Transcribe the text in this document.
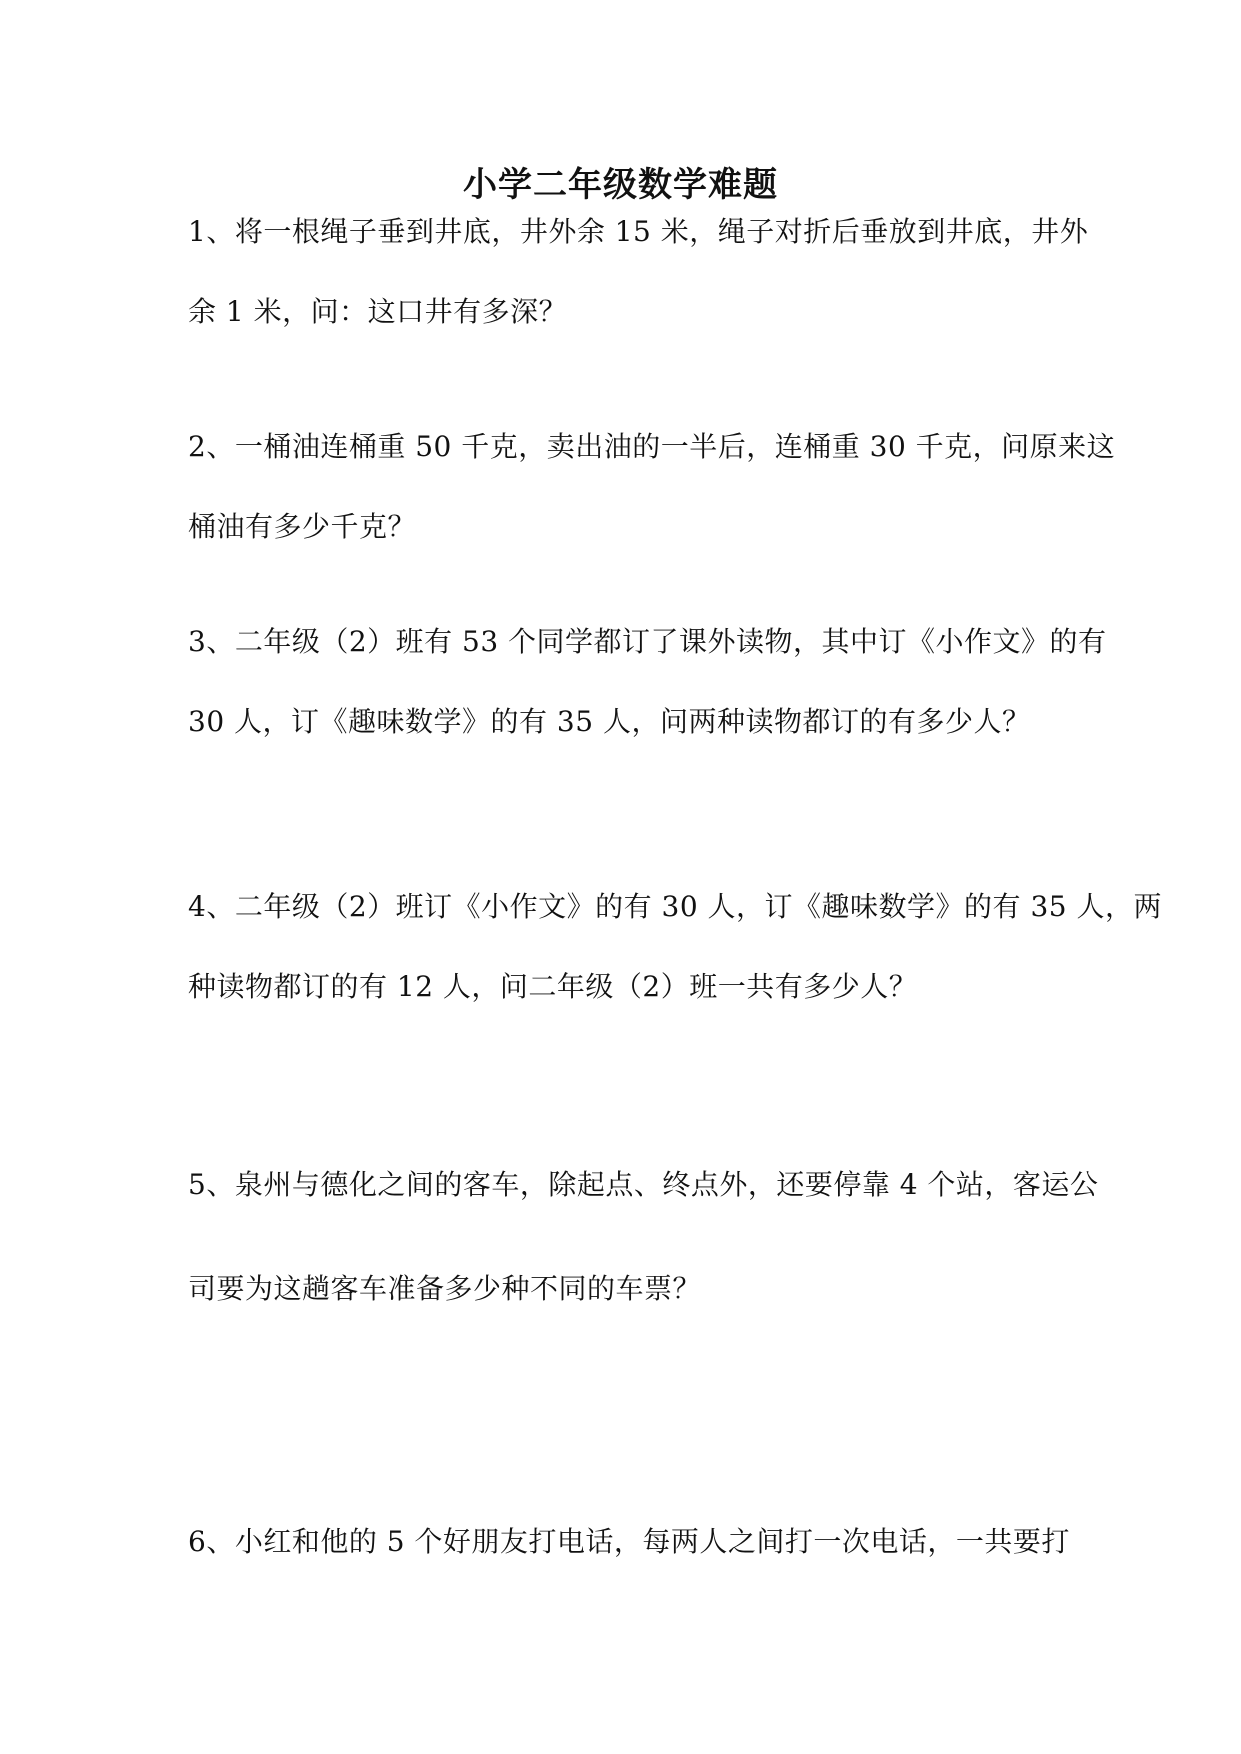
小学二年级数学难题

1、将一根绳子垂到井底，井外余 15 米，绳子对折后垂放到井底，井外

余 1 米，问：这口井有多深？

2、一桶油连桶重 50 千克，卖出油的一半后，连桶重 30 千克，问原来这

桶油有多少千克？

3、二年级（2）班有 53 个同学都订了课外读物，其中订《小作文》的有

30 人，订《趣味数学》的有 35 人，问两种读物都订的有多少人？

4、二年级（2）班订《小作文》的有 30 人，订《趣味数学》的有 35 人，两

种读物都订的有 12 人，问二年级（2）班一共有多少人？

5、泉州与德化之间的客车，除起点、终点外，还要停靠 4 个站，客运公

司要为这趟客车准备多少种不同的车票？

6、小红和他的 5 个好朋友打电话，每两人之间打一次电话，一共要打
